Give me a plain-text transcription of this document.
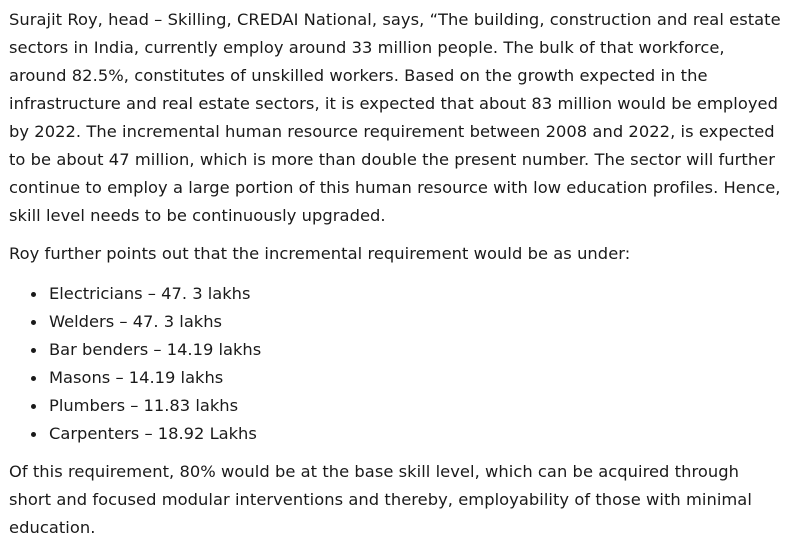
Surajit Roy, head – Skilling, CREDAI National, says, “The building, construction and real estate sectors in India, currently employ around 33 million people. The bulk of that workforce, around 82.5%, constitutes of unskilled workers. Based on the growth expected in the infrastructure and real estate sectors, it is expected that about 83 million would be employed by 2022. The incremental human resource requirement between 2008 and 2022, is expected to be about 47 million, which is more than double the present number. The sector will further continue to employ a large portion of this human resource with low education profiles. Hence, skill level needs to be continuously upgraded.

Roy further points out that the incremental requirement would be as under:

Electricians – 47. 3 lakhs
Welders – 47. 3 lakhs
Bar benders – 14.19 lakhs
Masons – 14.19 lakhs
Plumbers – 11.83 lakhs
Carpenters – 18.92 Lakhs

Of this requirement, 80% would be at the base skill level, which can be acquired through short and focused modular interventions and thereby, employability of those with minimal education.
